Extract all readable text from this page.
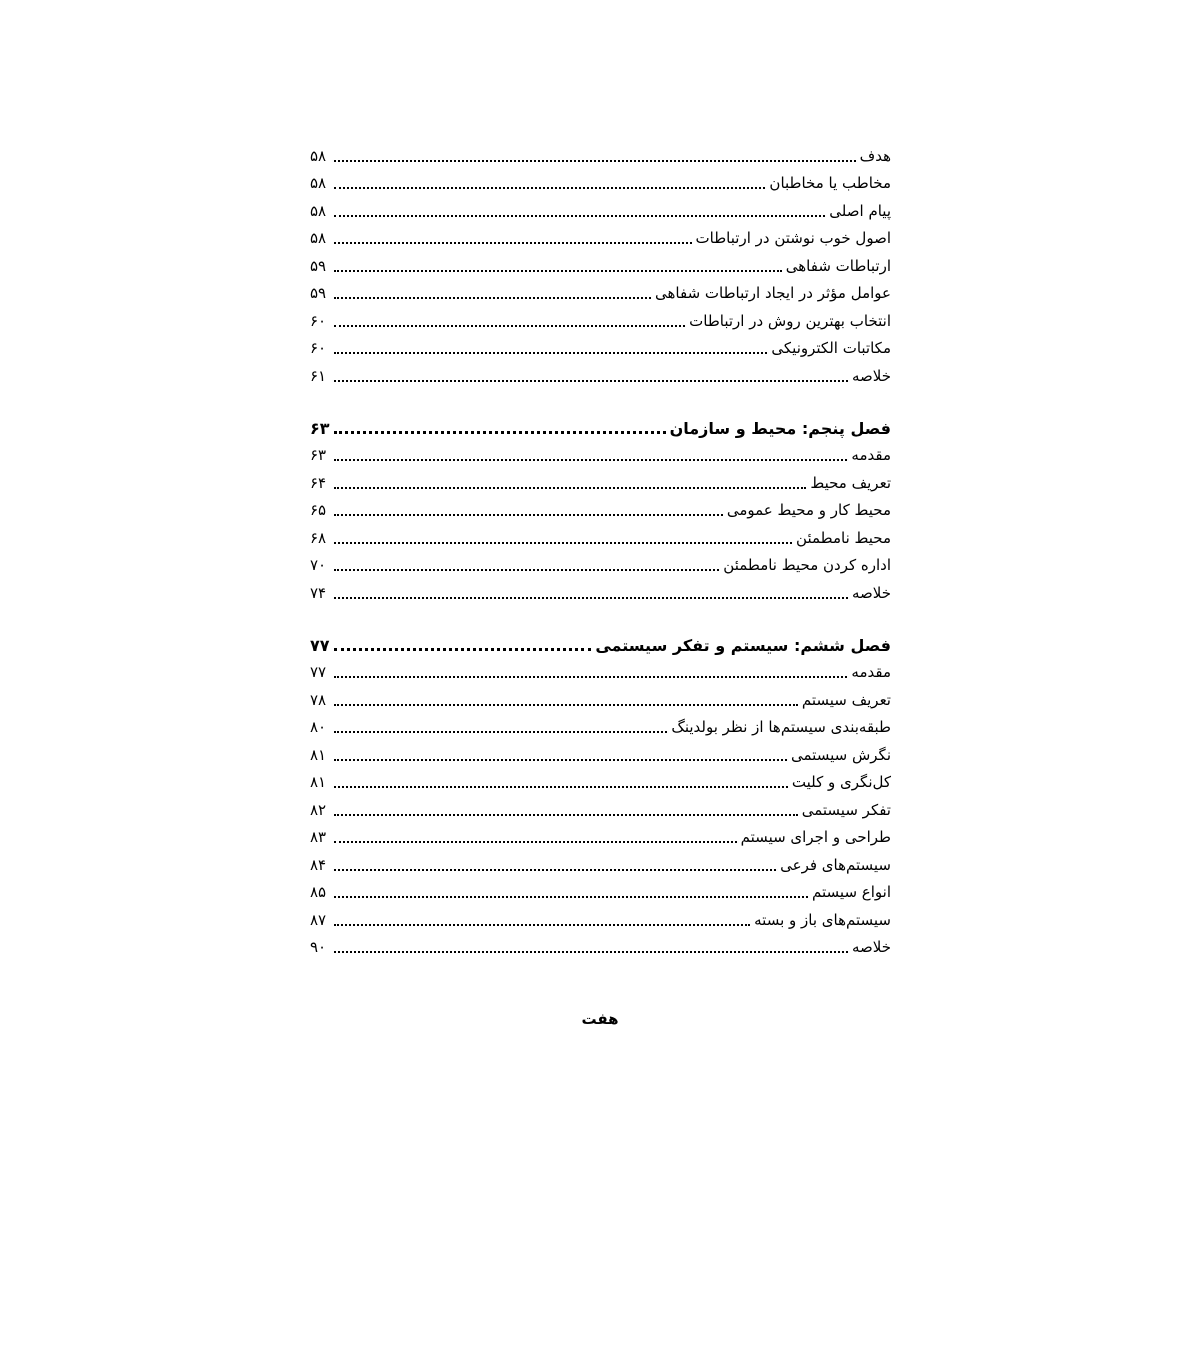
هدف
۵۸
مخاطب یا مخاطبان
۵۸
پیام اصلی
۵۸
اصول خوب نوشتن در ارتباطات
۵۸
ارتباطات شفاهی
۵۹
عوامل مؤثر در ایجاد ارتباطات شفاهی
۵۹
انتخاب بهترین روش در ارتباطات
۶۰
مکاتبات الکترونیکی
۶۰
خلاصه
۶۱
فصل پنجم: محیط و سازمان
۶۳
مقدمه
۶۳
تعریف محیط
۶۴
محیط کار و محیط عمومی
۶۵
محیط نامطمئن
۶۸
اداره کردن محیط نامطمئن
۷۰
خلاصه
۷۴
فصل ششم: سیستم و تفکر سیستمی
۷۷
مقدمه
۷۷
تعریف سیستم
۷۸
طبقه‌بندی سیستم‌ها از نظر بولدینگ
۸۰
نگرش سیستمی
۸۱
کل‌نگری و کلیت
۸۱
تفکر سیستمی
۸۲
طراحی و اجرای سیستم
۸۳
سیستم‌های فرعی
۸۴
انواع سیستم
۸۵
سیستم‌های باز و بسته
۸۷
خلاصه
۹۰
هفت
